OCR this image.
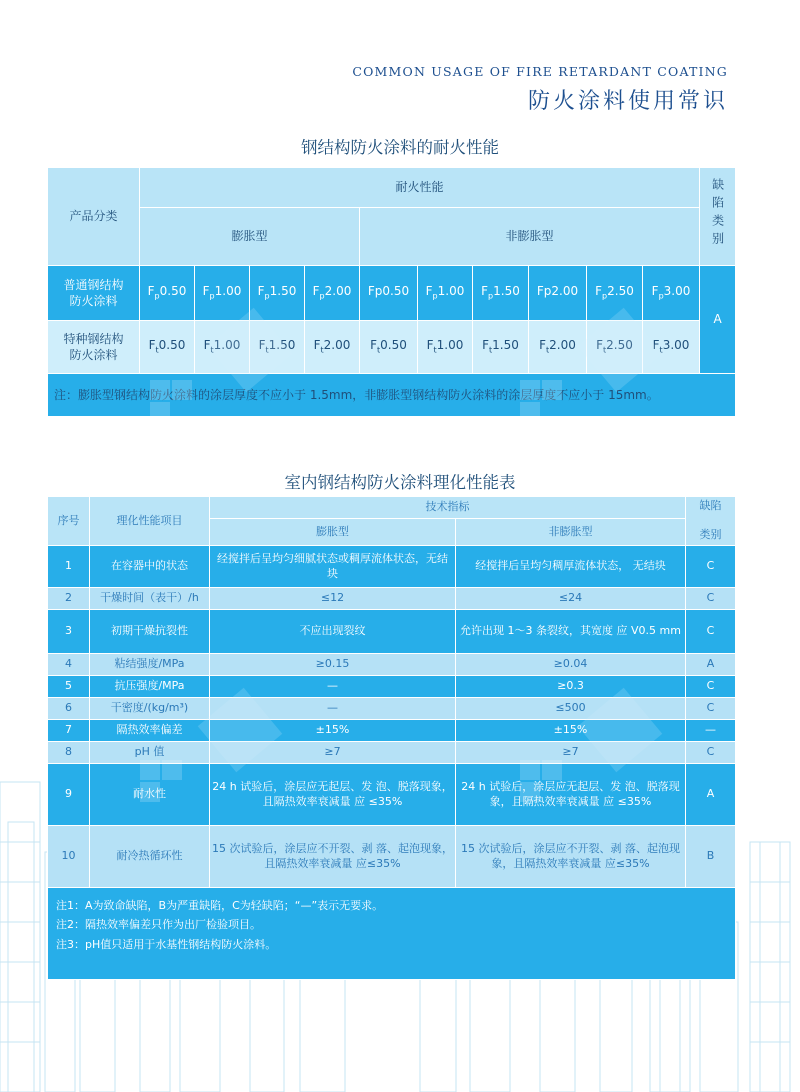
COMMON USAGE OF FIRE RETARDANT COATING
防火涂料使用常识
钢结构防火涂料的耐火性能
产品分类	耐火性能										缺陷类别
	膨胀型				非膨胀型						
普通钢结构
防火涂料	$F_p0.50$	$F_p1.00$	$F_p1.50$	$F_p2.00$	Fp0.50	$F_p1.00$	$F_p1.50$	Fp2.00	$F_p2.50$	$F_p3.00$	A
特种钢结构
防火涂料	$F_t0.50$	$F_t1.00$	$F_t1.50$	$F_t2.00$	$F_t0.50$	$F_t1.00$	$F_t1.50$	$F_t2.00$	$F_t2.50$	$F_t3.00$	
注：膨胀型钢结构防火涂料的涂层厚度不应小于 1.5mm，非膨胀型钢结构防火涂料的涂层厚度不应小于 15mm。											
室内钢结构防火涂料理化性能表
序号	理化性能项目	技术指标		缺陷

类别
		膨胀型	非膨胀型	
1	在容器中的状态	经搅拌后呈均匀细腻状态或稠厚流体状态，无结块	经搅拌后呈均匀稠厚流体状态， 无结块	C
2	干燥时间（表干）/h	≤12	≤24	C
3	初期干燥抗裂性	不应出现裂纹	允许出现 1～3 条裂纹，其宽度 应 V0.5 mm	C
4	粘结强度/MPa	≥0.15	≥0.04	A
5	抗压强度/MPa	—	≥0.3	C
6	干密度/(kg/m³)	—	≤500	C
7	隔热效率偏差	±15%	±15%	—
8	pH 值	≥7	≥7	C
9	耐水性	24 h 试验后，涂层应无起层、发 泡、脱落现象，且隔热效率衰减量 应 ≤35%	24 h 试验后，涂层应无起层、发 泡、脱落现象，且隔热效率衰减量 应 ≤35%	A
10	耐冷热循环性	15 次试验后，涂层应不开裂、剥 落、起泡现象，且隔热效率衰减量 应≤35%	15 次试验后，涂层应不开裂、剥 落、起泡现象，且隔热效率衰减量 应≤35%	B

注1：A为致命缺陷，B为严重缺陷，C为轻缺陷；“—”表示无要求。
注2：隔热效率偏差只作为出厂检验项目。
注3：pH值只适用于水基性钢结构防火涂料。				
